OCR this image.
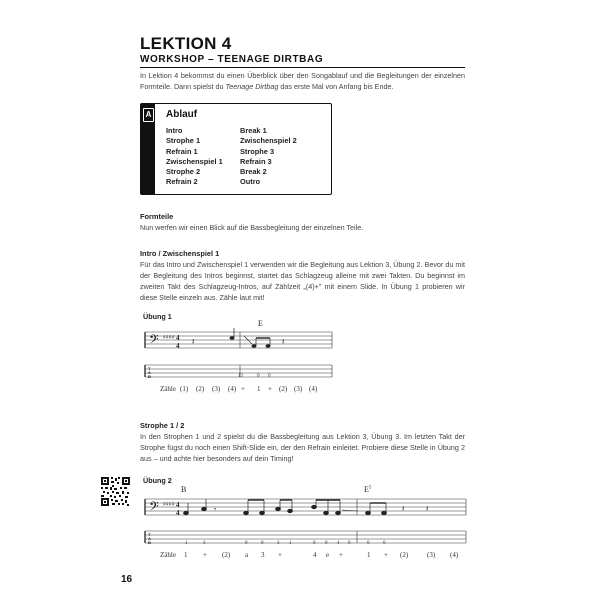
LEKTION 4
WORKSHOP – TEENAGE DIRTBAG
In Lektion 4 bekommst du einen Überblick über den Songablauf und die Begleitungen der einzelnen Formteile. Dann spielst du Teenage Dirtbag das erste Mal von Anfang bis Ende.
A Ablauf
Intro
Strophe 1
Refrain 1
Zwischenspiel 1
Strophe 2
Refrain 2
Break 1
Zwischenspiel 2
Strophe 3
Refrain 3
Break 2
Outro
Formteile
Nun werfen wir einen Blick auf die Bassbegleitung der einzelnen Teile.
Intro / Zwischenspiel 1
Für das Intro und Zwischenspiel 1 verwenden wir die Begleitung aus Lektion 3, Übung 2. Bevor du mit der Begleitung des Intros beginnst, startet das Schlagzeug alleine mit zwei Takten. Du beginnst im zweiten Takt des Schlagzeug-Intros, auf Zählzeit „(4)+" mit einem Slide. In Übung 1 probieren wir diese Stelle einzeln aus. Zähle laut mit!
Übung 1
E
𝄢 ♯♯♯♯ 4
4 𝄽	𝄽
T
A
B	12	0 0
Zähle (1) (2) (3) (4) + 1 + (2) (3) (4)
Strophe 1 / 2
In den Strophen 1 und 2 spielst du die Bassbegleitung aus Lektion 3, Übung 3. Im letzten Takt der Strophe fügst du noch einen Shift-Slide ein, der den Refrain einleitet. Probiere diese Stelle in Übung 2 aus – und achte hier besonders auf dein Timing!
Übung 2
B	$E^5$
𝄢 ♯♯♯♯ 4
4	𝄾	𝄽	𝄽
T
A
B	1	3	0	0	3 1	0 0 4 0	0	0
Zähle 1 + (2) a 3 +	4 e +	1 + (2)	(3) (4)
16
